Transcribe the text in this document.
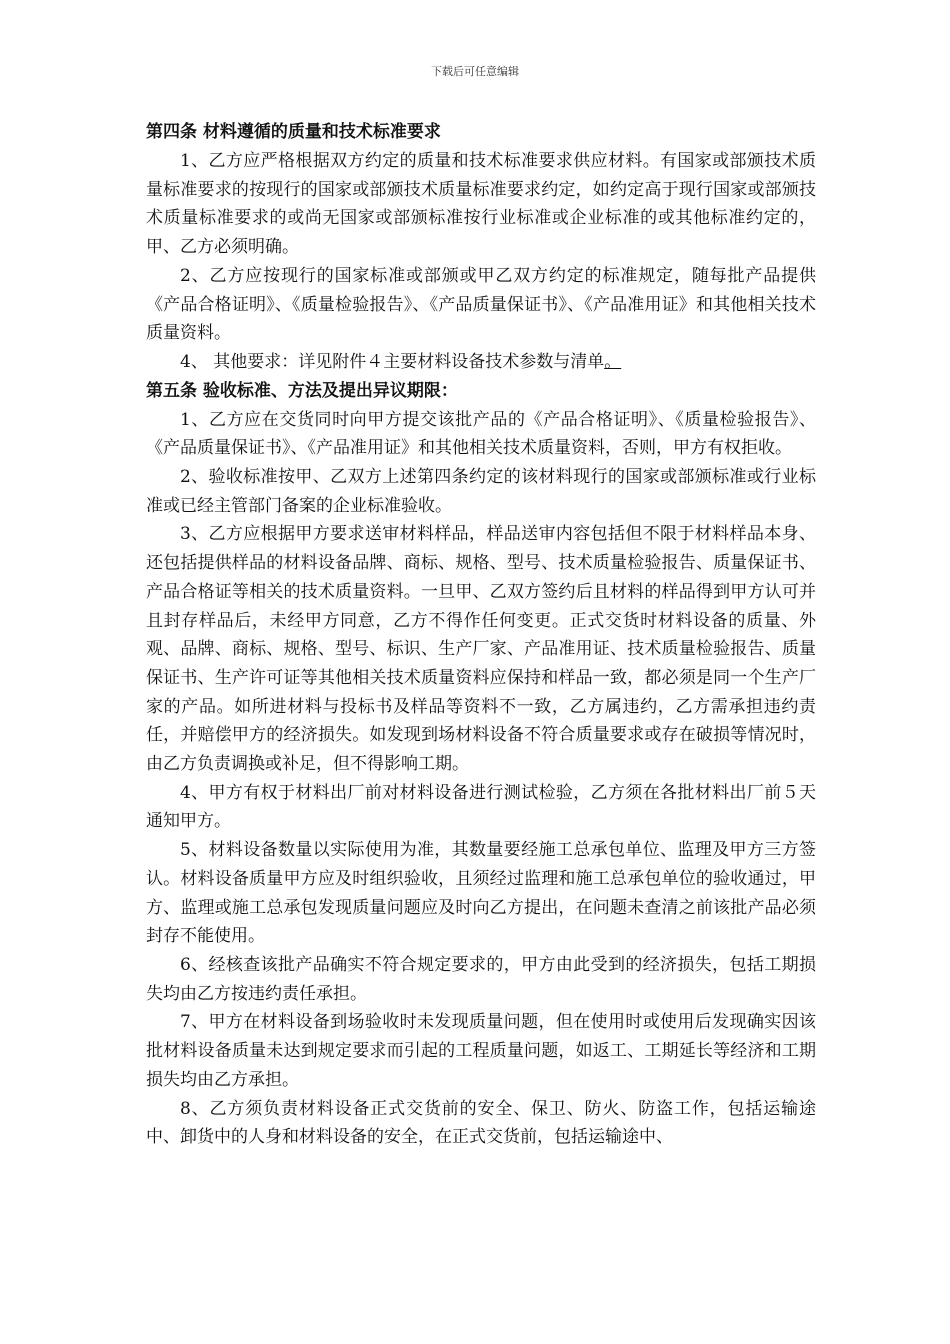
下载后可任意编辑

第四条 材料遵循的质量和技术标准要求

1、乙方应严格根据双方约定的质量和技术标准要求供应材料。有国家或部颁技术质量标准要求的按现行的国家或部颁技术质量标准要求约定，如约定高于现行国家或部颁技术质量标准要求的或尚无国家或部颁标准按行业标准或企业标准的或其他标准约定的，甲、乙方必须明确。

2、乙方应按现行的国家标准或部颁或甲乙双方约定的标准规定，随每批产品提供《产品合格证明》、《质量检验报告》、《产品质量保证书》、《产品准用证》和其他相关技术质量资料。

4、 其他要求：详见附件４主要材料设备技术参数与清单。

第五条 验收标准、方法及提出异议期限：

1、乙方应在交货同时向甲方提交该批产品的《产品合格证明》、《质量检验报告》、《产品质量保证书》、《产品准用证》和其他相关技术质量资料，否则，甲方有权拒收。

2、验收标准按甲、乙双方上述第四条约定的该材料现行的国家或部颁标准或行业标准或已经主管部门备案的企业标准验收。

3、乙方应根据甲方要求送审材料样品，样品送审内容包括但不限于材料样品本身、还包括提供样品的材料设备品牌、商标、规格、型号、技术质量检验报告、质量保证书、产品合格证等相关的技术质量资料。一旦甲、乙双方签约后且材料的样品得到甲方认可并且封存样品后，未经甲方同意，乙方不得作任何变更。正式交货时材料设备的质量、外观、品牌、商标、规格、型号、标识、生产厂家、产品准用证、技术质量检验报告、质量保证书、生产许可证等其他相关技术质量资料应保持和样品一致，都必须是同一个生产厂家的产品。如所进材料与投标书及样品等资料不一致，乙方属违约，乙方需承担违约责任，并赔偿甲方的经济损失。如发现到场材料设备不符合质量要求或存在破损等情况时，由乙方负责调换或补足，但不得影响工期。

4、甲方有权于材料出厂前对材料设备进行测试检验，乙方须在各批材料出厂前５天通知甲方。

5、材料设备数量以实际使用为准，其数量要经施工总承包单位、监理及甲方三方签认。材料设备质量甲方应及时组织验收，且须经过监理和施工总承包单位的验收通过，甲方、监理或施工总承包发现质量问题应及时向乙方提出，在问题未查清之前该批产品必须封存不能使用。

6、经核查该批产品确实不符合规定要求的，甲方由此受到的经济损失，包括工期损失均由乙方按违约责任承担。

7、甲方在材料设备到场验收时未发现质量问题，但在使用时或使用后发现确实因该批材料设备质量未达到规定要求而引起的工程质量问题，如返工、工期延长等经济和工期损失均由乙方承担。

8、乙方须负责材料设备正式交货前的安全、保卫、防火、防盗工作，包括运输途中、卸货中的人身和材料设备的安全，在正式交货前，包括运输途中、
